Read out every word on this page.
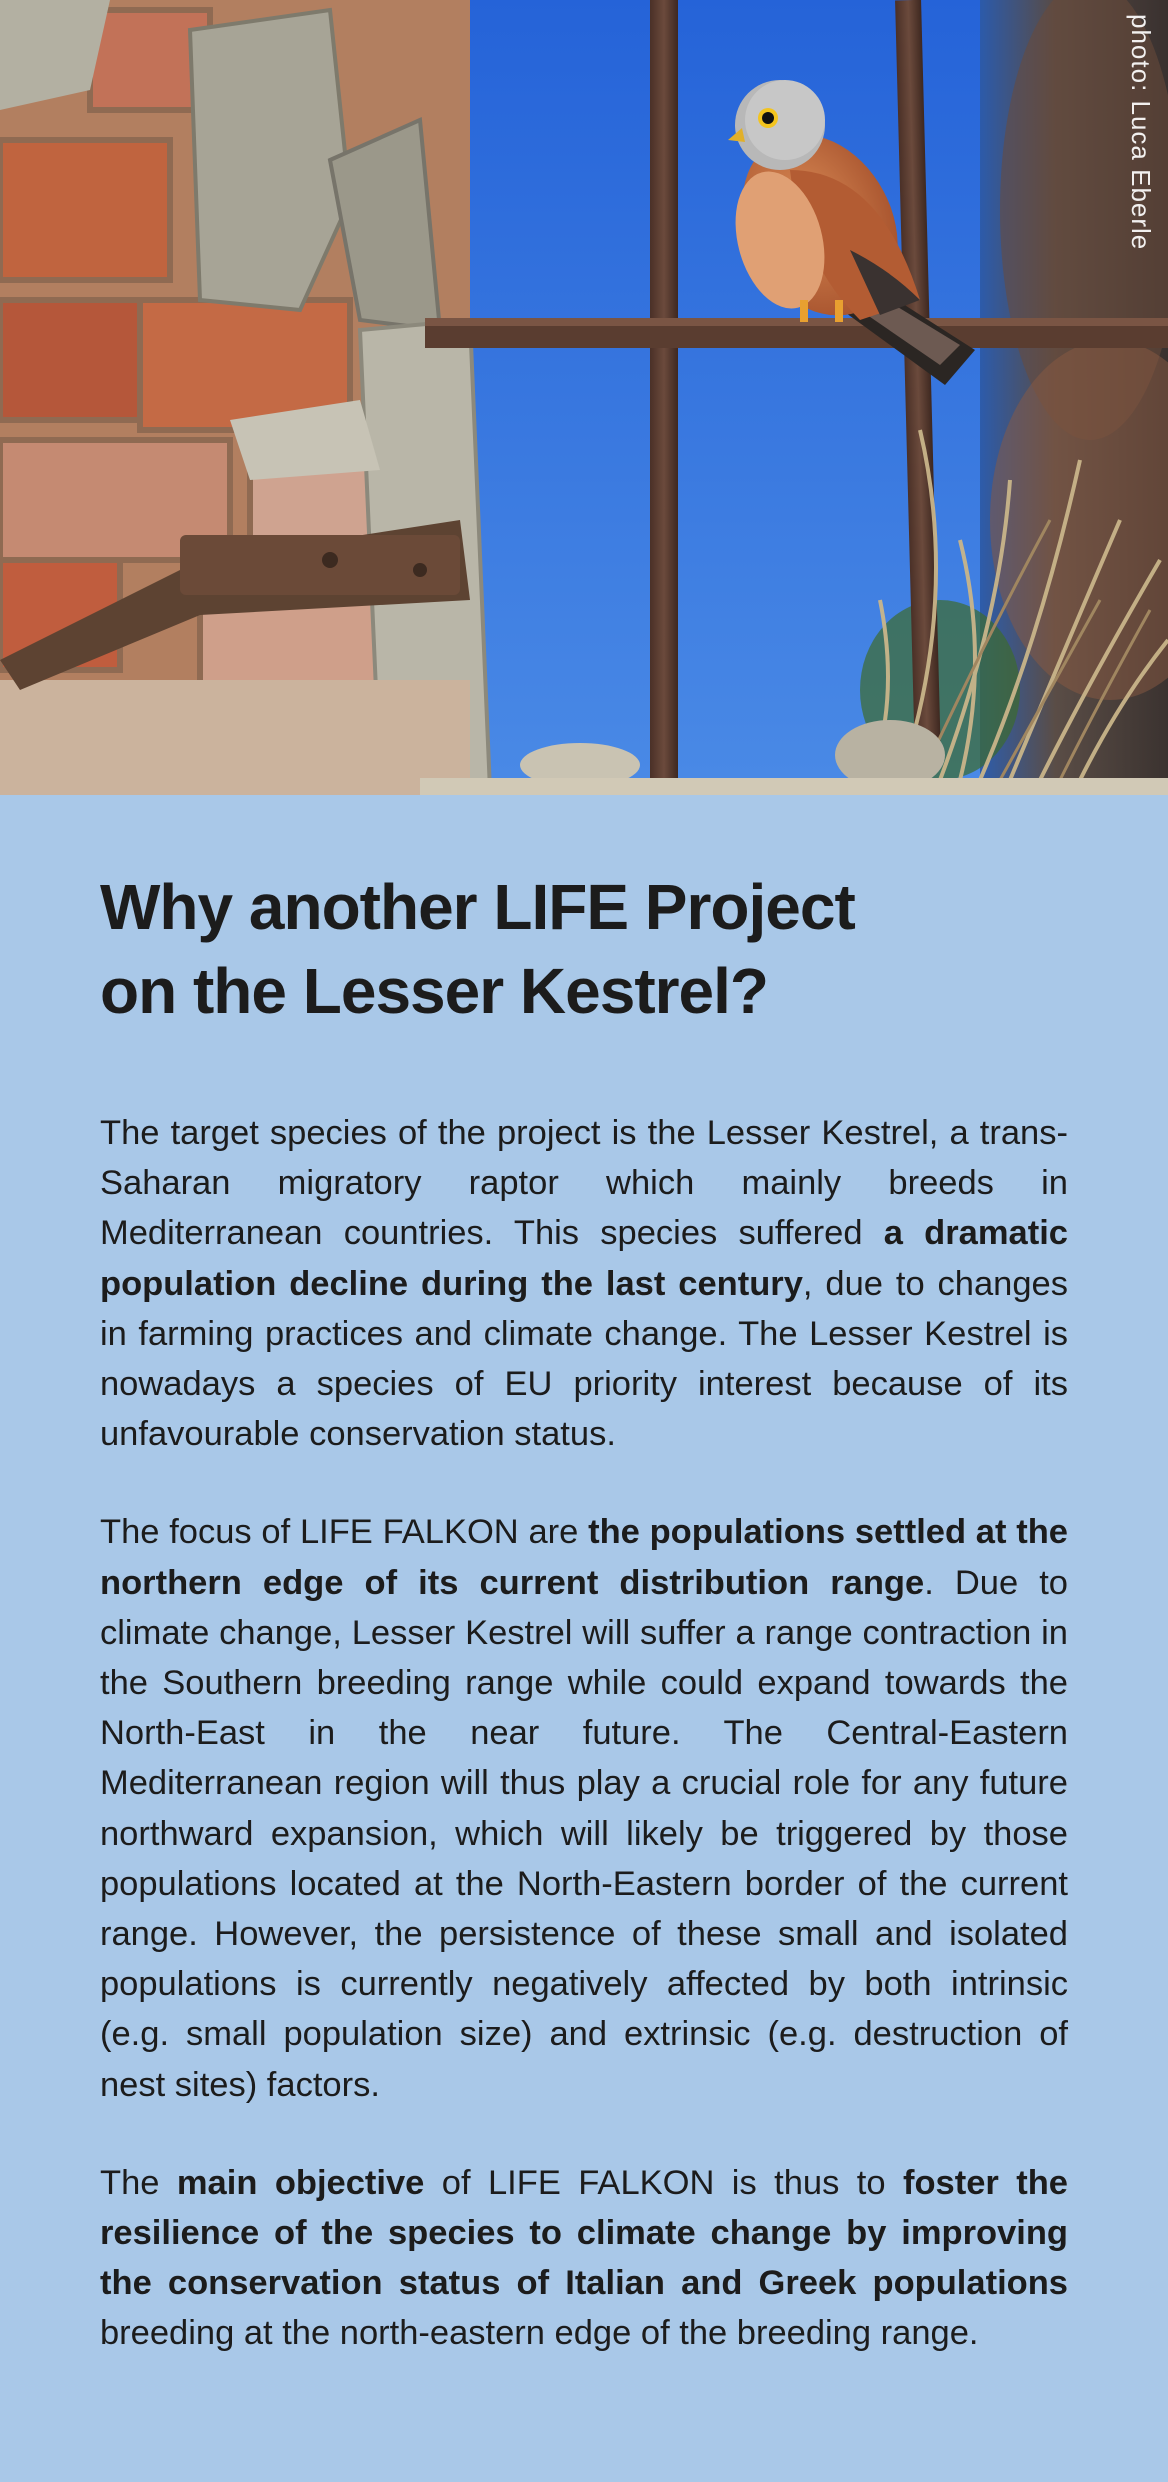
photo: Luca Eberle
Why another LIFE Project
on the Lesser Kestrel?

The target species of the project is the Lesser Kestrel, a trans-Saharan migratory raptor which mainly breeds in Mediterranean countries. This species suffered a dramatic population decline during the last century, due to changes in farming practices and climate change. The Lesser Kestrel is nowadays a species of EU priority interest because of its unfavourable conservation status.

The focus of LIFE FALKON are the populations settled at the northern edge of its current distribution range. Due to climate change, Lesser Kestrel will suffer a range contraction in the Southern breeding range while could expand towards the North-East in the near future. The Central-Eastern Mediterranean region will thus play a crucial role for any future northward expansion, which will likely be triggered by those populations located at the North-Eastern border of the current range. However, the persistence of these small and isolated populations is currently negatively affected by both intrinsic (e.g. small population size) and extrinsic (e.g. destruction of nest sites) factors.

The main objective of LIFE FALKON is thus to foster the resilience of the species to climate change by improving the conservation status of Italian and Greek populations breeding at the north-eastern edge of the breeding range.
